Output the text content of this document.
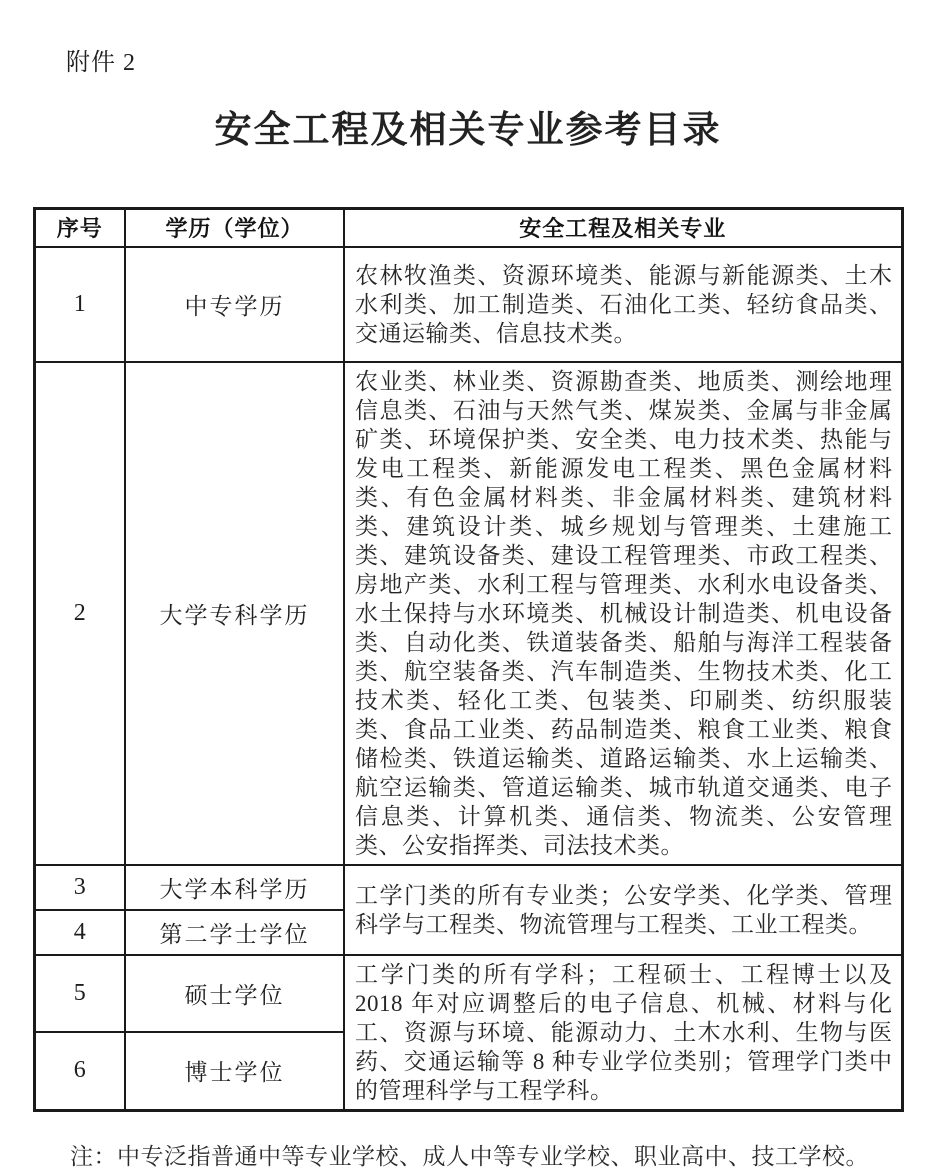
附件 2
安全工程及相关专业参考目录
序号	学历（学位）	安全工程及相关专业
1	中专学历	农林牧渔类、资源环境类、能源与新能源类、土木水利类、加工制造类、石油化工类、轻纺食品类、交通运输类、信息技术类。
2	大学专科学历	农业类、林业类、资源勘查类、地质类、测绘地理信息类、石油与天然气类、煤炭类、金属与非金属矿类、环境保护类、安全类、电力技术类、热能与发电工程类、新能源发电工程类、黑色金属材料类、有色金属材料类、非金属材料类、建筑材料类、建筑设计类、城乡规划与管理类、土建施工类、建筑设备类、建设工程管理类、市政工程类、房地产类、水利工程与管理类、水利水电设备类、水土保持与水环境类、机械设计制造类、机电设备类、自动化类、铁道装备类、船舶与海洋工程装备类、航空装备类、汽车制造类、生物技术类、化工技术类、轻化工类、包装类、印刷类、纺织服装类、食品工业类、药品制造类、粮食工业类、粮食储检类、铁道运输类、道路运输类、水上运输类、航空运输类、管道运输类、城市轨道交通类、电子信息类、计算机类、通信类、物流类、公安管理类、公安指挥类、司法技术类。
3	大学本科学历	工学门类的所有专业类；公安学类、化学类、管理科学与工程类、物流管理与工程类、工业工程类。
4	第二学士学位	
5	硕士学位	工学门类的所有学科；工程硕士、工程博士以及 2018 年对应调整后的电子信息、机械、材料与化工、资源与环境、能源动力、土木水利、生物与医药、交通运输等 8 种专业学位类别；管理学门类中的管理科学与工程学科。
6	博士学位	
注：中专泛指普通中等专业学校、成人中等专业学校、职业高中、技工学校。
